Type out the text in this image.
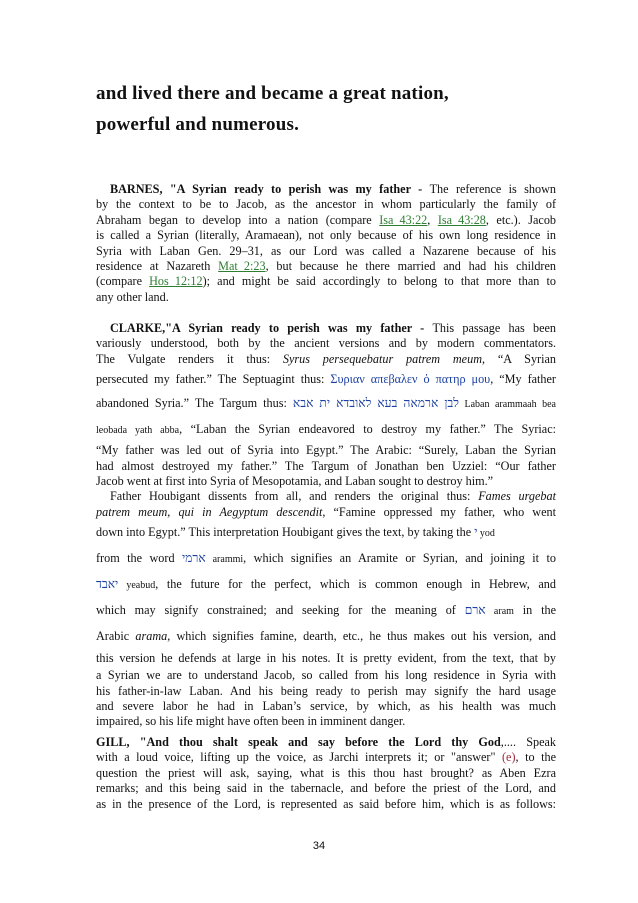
and lived there and became a great nation,
powerful and numerous.
BARNES, "A Syrian ready to perish was my father - The reference is shown
by the context to be to Jacob, as the ancestor in whom particularly the family of
Abraham began to develop into a nation (compare Isa_43:22, Isa_43:28, etc.). Jacob
is called a Syrian (literally, Aramaean), not only because of his own long residence in
Syria with Laban Gen. 29–31, as our Lord was called a Nazarene because of his
residence at Nazareth Mat_2:23, but because he there married and had his children
(compare Hos_12:12); and might be said accordingly to belong to that more than to
any other land.
CLARKE,"A Syrian ready to perish was my father - This passage has been
variously understood, both by the ancient versions and by modern commentators.
The Vulgate renders it thus: Syrus persequebatur patrem meum, “A Syrian
persecuted my father.” The Septuagint thus: Συριαν απεβαλεν ὁ πατηρ μου, “My father
abandoned Syria.” The Targum thus: לבן ארמאה בעא לאובדא ית אבא Laban arammaah bea
leobada yath abba, “Laban the Syrian endeavored to destroy my father.” The Syriac:
“My father was led out of Syria into Egypt.” The Arabic: “Surely, Laban the Syrian
had almost destroyed my father.” The Targum of Jonathan ben Uzziel: “Our father
Jacob went at first into Syria of Mesopotamia, and Laban sought to destroy him.”
Father Houbigant dissents from all, and renders the original thus: Fames urgebat
patrem meum, qui in Aegyptum descendit, “Famine oppressed my father, who went
down into Egypt.” This interpretation Houbigant gives the text, by taking the י yod
from the word ארמי arammi, which signifies an Aramite or Syrian, and joining it to
יאבד yeabud, the future for the perfect, which is common enough in Hebrew, and
which may signify constrained; and seeking for the meaning of ארם aram in the
Arabic arama, which signifies famine, dearth, etc., he thus makes out his version, and
this version he defends at large in his notes. It is pretty evident, from the text, that by
a Syrian we are to understand Jacob, so called from his long residence in Syria with
his father-in-law Laban. And his being ready to perish may signify the hard usage
and severe labor he had in Laban’s service, by which, as his health was much
impaired, so his life might have often been in imminent danger.
GILL, "And thou shalt speak and say before the Lord thy God,.... Speak
with a loud voice, lifting up the voice, as Jarchi interprets it; or "answer" (e), to the
question the priest will ask, saying, what is this thou hast brought? as Aben Ezra
remarks; and this being said in the tabernacle, and before the priest of the Lord, and
as in the presence of the Lord, is represented as said before him, which is as follows:
34
